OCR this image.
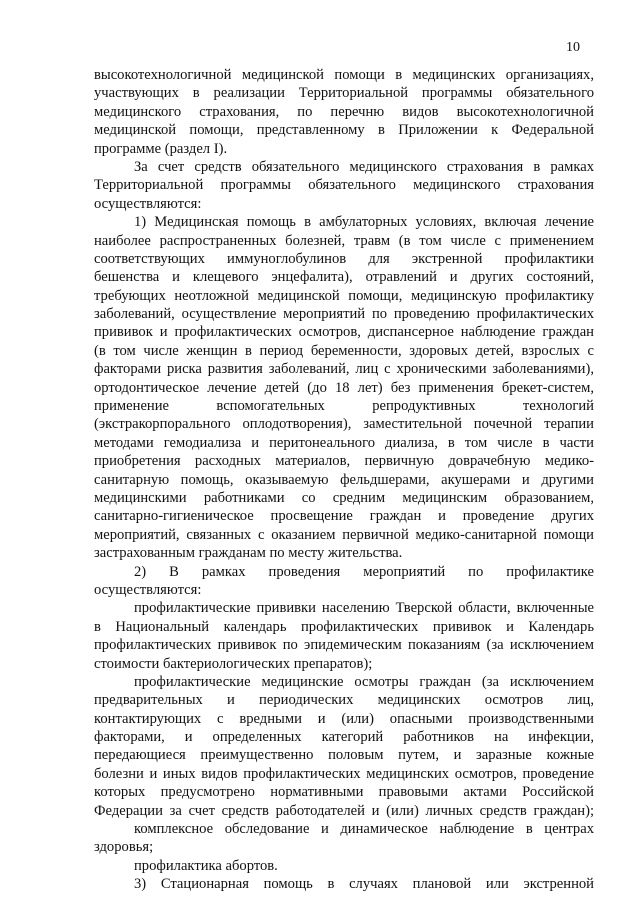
10
высокотехнологичной медицинской помощи в медицинских организациях,
участвующих в реализации Территориальной программы обязательного
медицинского страхования, по перечню видов высокотехнологичной
медицинской помощи, представленному в Приложении к Федеральной
программе (раздел I).
За счет средств обязательного медицинского страхования в рамках
Территориальной программы обязательного медицинского страхования
осуществляются:
1) Медицинская помощь в амбулаторных условиях, включая лечение
наиболее распространенных болезней, травм (в том числе с применением
соответствующих иммуноглобулинов для экстренной профилактики
бешенства и клещевого энцефалита), отравлений и других состояний,
требующих неотложной медицинской помощи, медицинскую профилактику
заболеваний, осуществление мероприятий по проведению профилактических
прививок и профилактических осмотров, диспансерное наблюдение граждан
(в том числе женщин в период беременности, здоровых детей, взрослых с
факторами риска развития заболеваний, лиц с хроническими заболеваниями),
ортодонтическое лечение детей (до 18 лет) без применения брекет-систем,
применение вспомогательных репродуктивных технологий
(экстракорпорального оплодотворения), заместительной почечной терапии
методами гемодиализа и перитонеального диализа, в том числе в части
приобретения расходных материалов, первичную доврачебную медико-
санитарную помощь, оказываемую фельдшерами, акушерами и другими
медицинскими работниками со средним медицинским образованием,
санитарно-гигиеническое просвещение граждан и проведение других
мероприятий, связанных с оказанием первичной медико-санитарной помощи
застрахованным гражданам по месту жительства.
2) В рамках проведения мероприятий по профилактике
осуществляются:
профилактические прививки населению Тверской области, включенные
в Национальный календарь профилактических прививок и Календарь
профилактических прививок по эпидемическим показаниям (за исключением
стоимости бактериологических препаратов);
профилактические медицинские осмотры граждан (за исключением
предварительных и периодических медицинских осмотров лиц,
контактирующих с вредными и (или) опасными производственными
факторами, и определенных категорий работников на инфекции,
передающиеся преимущественно половым путем, и заразные кожные
болезни и иных видов профилактических медицинских осмотров, проведение
которых предусмотрено нормативными правовыми актами Российской
Федерации за счет средств работодателей и (или) личных средств граждан);
комплексное обследование и динамическое наблюдение в центрах
здоровья;
профилактика абортов.
3) Стационарная помощь в случаях плановой или экстренной
